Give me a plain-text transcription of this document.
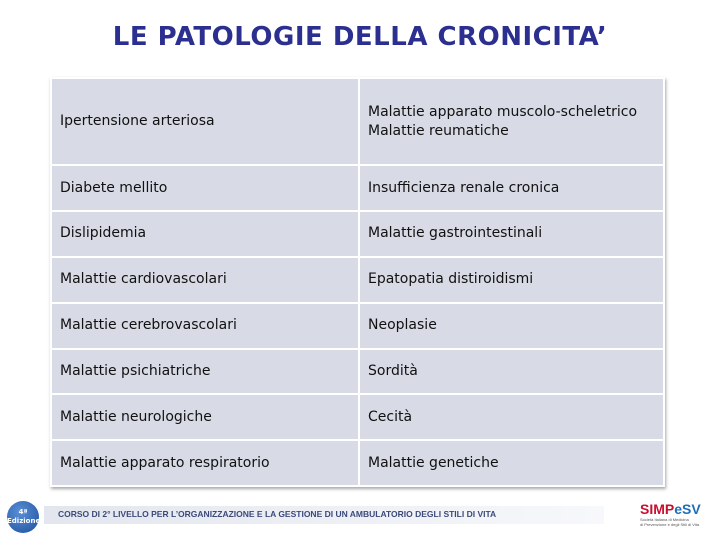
LE PATOLOGIE DELLA CRONICITA’
Ipertensione arteriosa	Malattie apparato muscolo-scheletrico
Malattie reumatiche

Diabete mellito	Insufficienza renale cronica

Dislipidemia	Malattie gastrointestinali

Malattie cardiovascolari	Epatopatia distiroidismi

Malattie cerebrovascolari	Neoplasie

Malattie psichiatriche	Sordità

Malattie neurologiche	Cecità

Malattie apparato respiratorio	Malattie genetiche
4ª
Edizione
CORSO DI 2° LIVELLO PER L’ORGANIZZAZIONE E LA GESTIONE DI UN AMBULATORIO DEGLI STILI DI VITA	SIMPeSV
Società Italiana di Medicina
di Prevenzione e degli Stili di Vita
